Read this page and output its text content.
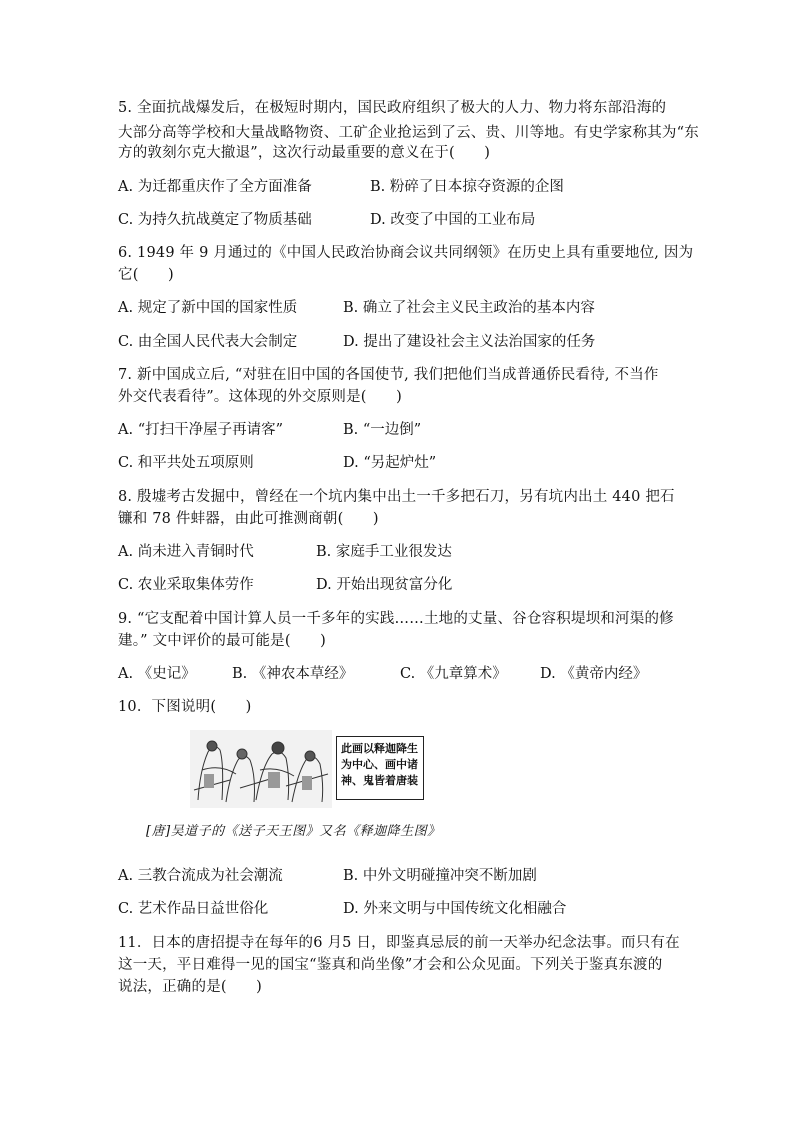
5. 全面抗战爆发后，在极短时期内，国民政府组织了极大的人力、物力将东部沿海的
大部分高等学校和大量战略物资、工矿企业抢运到了云、贵、川等地。有史学家称其为“东
方的敦刻尔克大撤退”，这次行动最重要的意义在于(　　)
A. 为迁都重庆作了全方面准备	B. 粉碎了日本掠夺资源的企图
C. 为持久抗战奠定了物质基础	D. 改变了中国的工业布局
6. 1949 年 9 月通过的《中国人民政治协商会议共同纲领》在历史上具有重要地位, 因为
它(　　)
A. 规定了新中国的国家性质	B. 确立了社会主义民主政治的基本内容
C. 由全国人民代表大会制定	D. 提出了建设社会主义法治国家的任务
7. 新中国成立后, “对驻在旧中国的各国使节, 我们把他们当成普通侨民看待, 不当作
外交代表看待”。这体现的外交原则是(　　)
A. “打扫干净屋子再请客”	B. “一边倒”
C. 和平共处五项原则	D. “另起炉灶”
8. 殷墟考古发掘中，曾经在一个坑内集中出土一千多把石刀，另有坑内出土 440 把石
镰和 78 件蚌器，由此可推测商朝(　　)
A. 尚未进入青铜时代	B. 家庭手工业很发达
C. 农业采取集体劳作	D. 开始出现贫富分化
9. “它支配着中国计算人员一千多年的实践……土地的丈量、谷仓容积堤坝和河渠的修
建。” 文中评价的最可能是(　　)
A. 《史记》	B. 《神农本草经》	C. 《九章算术》 D. 《黄帝内经》
10．下图说明(　　)
此画以释迦降生
为中心、画中诸
神、鬼皆着唐装
[唐]吴道子的《送子天王图》又名《释迦降生图》
A. 三教合流成为社会潮流	B. 中外文明碰撞冲突不断加剧
C. 艺术作品日益世俗化	D. 外来文明与中国传统文化相融合
11．日本的唐招提寺在每年的6 月5 日，即鉴真忌辰的前一天举办纪念法事。而只有在
这一天，平日难得一见的国宝“鉴真和尚坐像”才会和公众见面。下列关于鉴真东渡的
说法，正确的是(　　)
